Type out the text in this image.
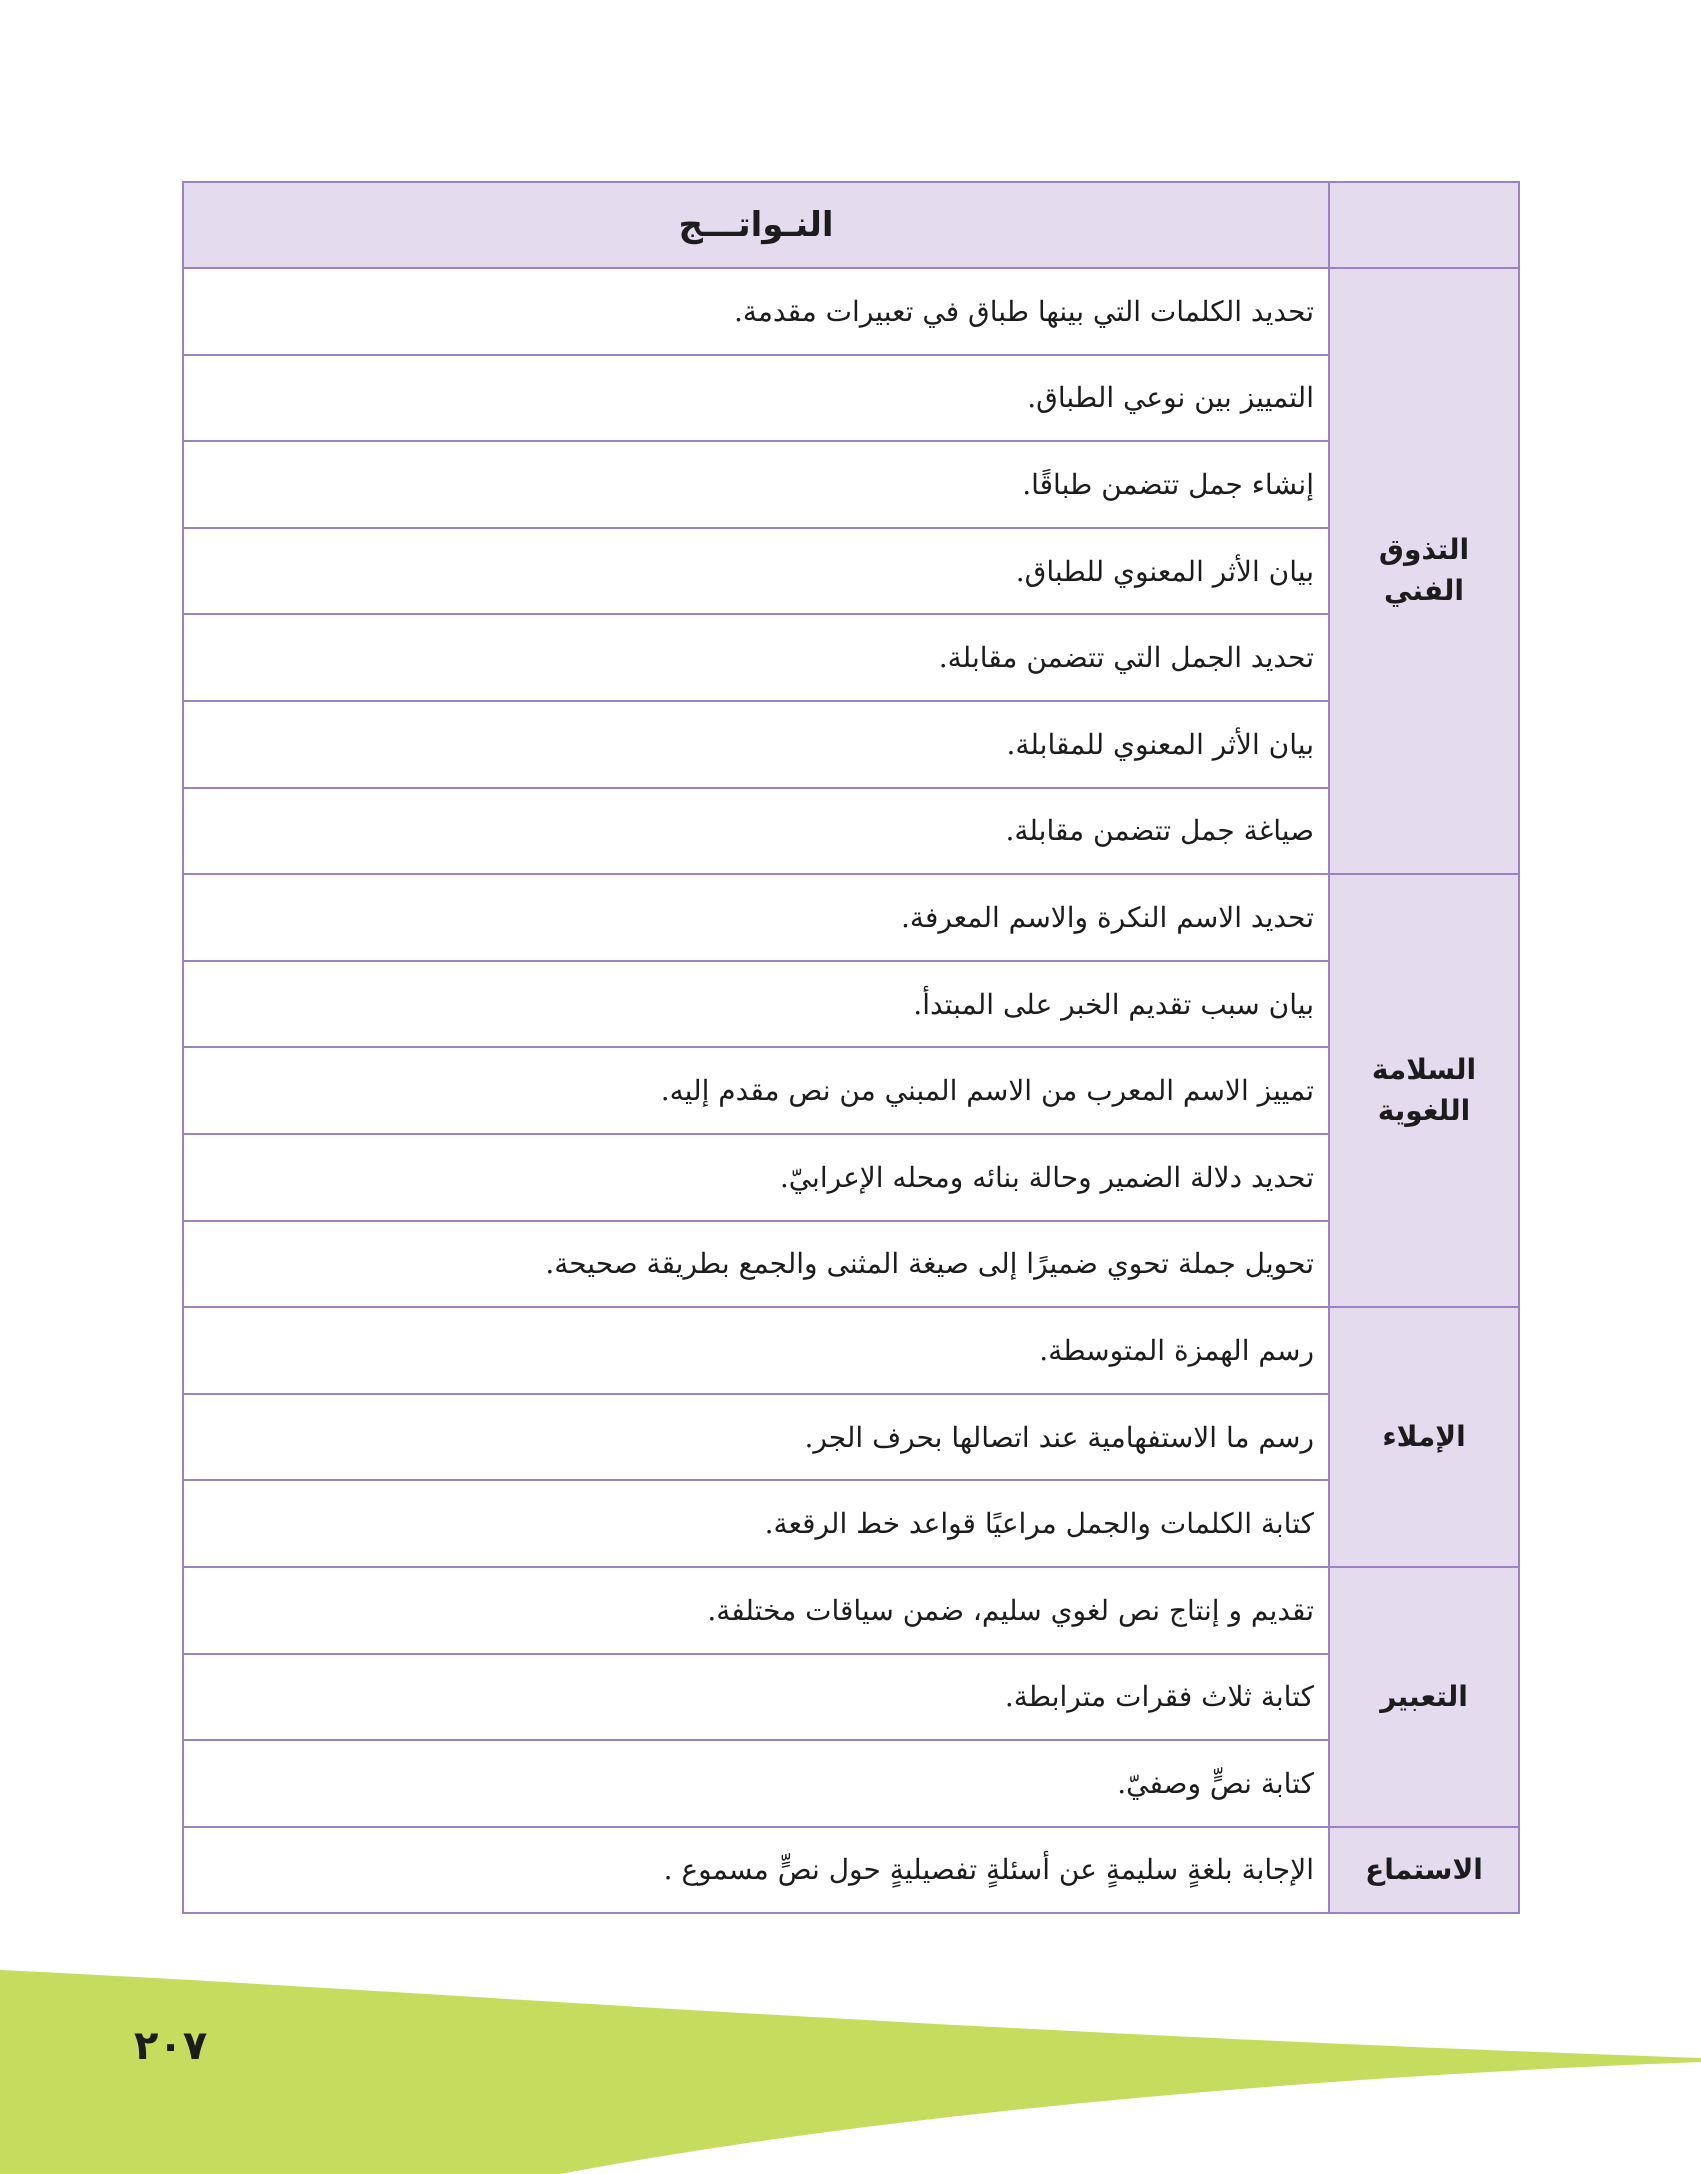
	النـواتـــج
التذوق الفني	تحديد الكلمات التي بينها طباق في تعبيرات مقدمة.
	التمييز بين نوعي الطباق.
	إنشاء جمل تتضمن طباقًا.
	بيان الأثر المعنوي للطباق.
	تحديد الجمل التي تتضمن مقابلة.
	بيان الأثر المعنوي للمقابلة.
	صياغة جمل تتضمن مقابلة.
السلامة اللغوية	تحديد الاسم النكرة والاسم المعرفة.
	بيان سبب تقديم الخبر على المبتدأ.
	تمييز الاسم المعرب من الاسم المبني من نص مقدم إليه.
	تحديد دلالة الضمير وحالة بنائه ومحله الإعرابيّ.
	تحويل جملة تحوي ضميرًا إلى صيغة المثنى والجمع بطريقة صحيحة.
الإملاء	رسم الهمزة المتوسطة.
	رسم ما الاستفهامية عند اتصالها بحرف الجر.
	كتابة الكلمات والجمل مراعيًا قواعد خط الرقعة.
التعبير	تقديم و إنتاج نص لغوي سليم، ضمن سياقات مختلفة.
	كتابة ثلاث فقرات مترابطة.
	كتابة نصٍّ وصفيّ.
الاستماع	الإجابة بلغةٍ سليمةٍ عن أسئلةٍ تفصيليةٍ حول نصٍّ مسموع .
٢٠٧
